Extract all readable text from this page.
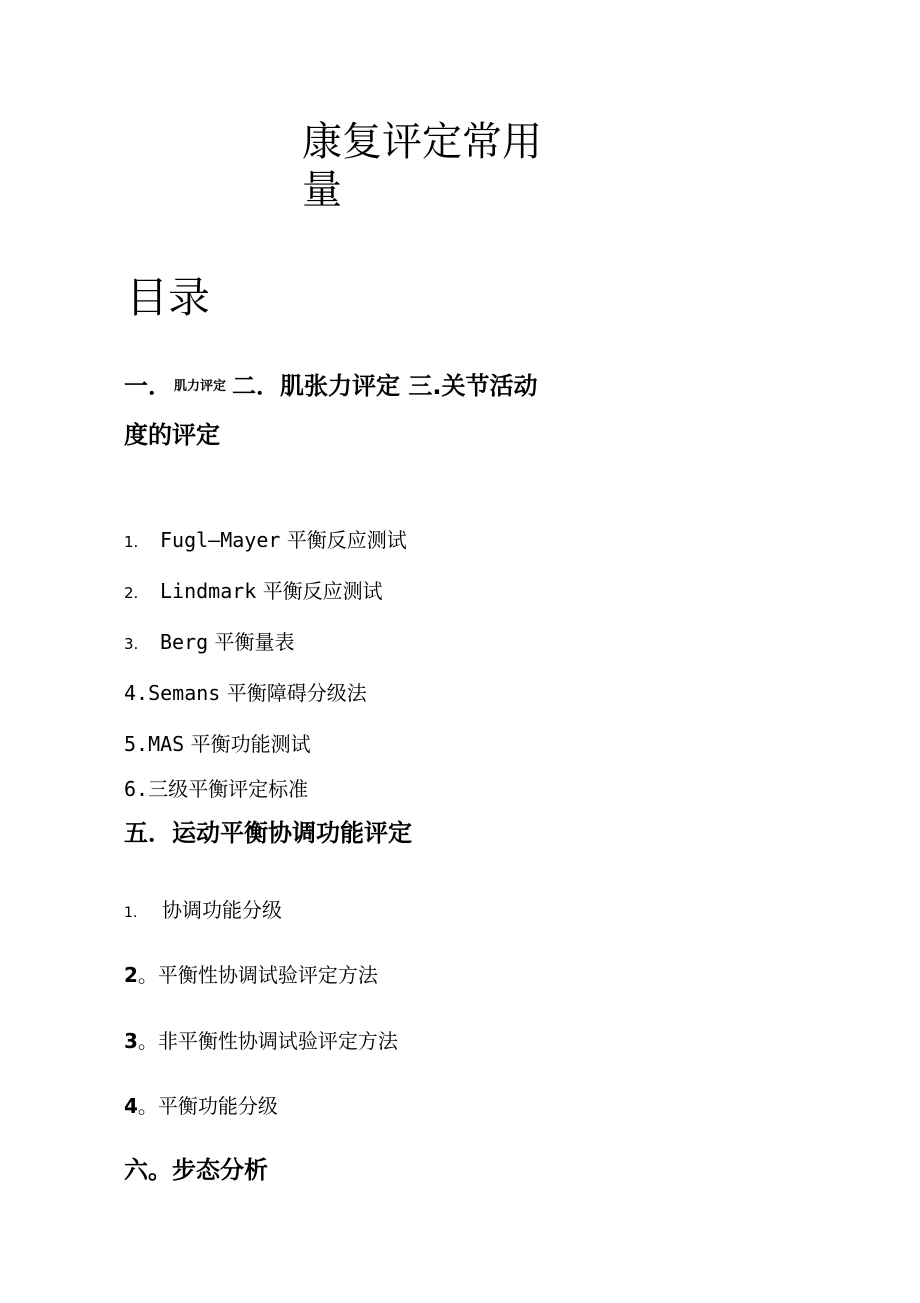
康复评定常用
量
目录
一． 肌力评定 二．肌张力评定 三.关节活动
度的评定
1. Fugl—Mayer 平衡反应测试
2. Lindmark 平衡反应测试
3. Berg 平衡量表
4.Semans 平衡障碍分级法
5.MAS 平衡功能测试
6.三级平衡评定标准
五．运动平衡协调功能评定
1. 协调功能分级
2。平衡性协调试验评定方法
3。非平衡性协调试验评定方法
4。平衡功能分级
六。步态分析
